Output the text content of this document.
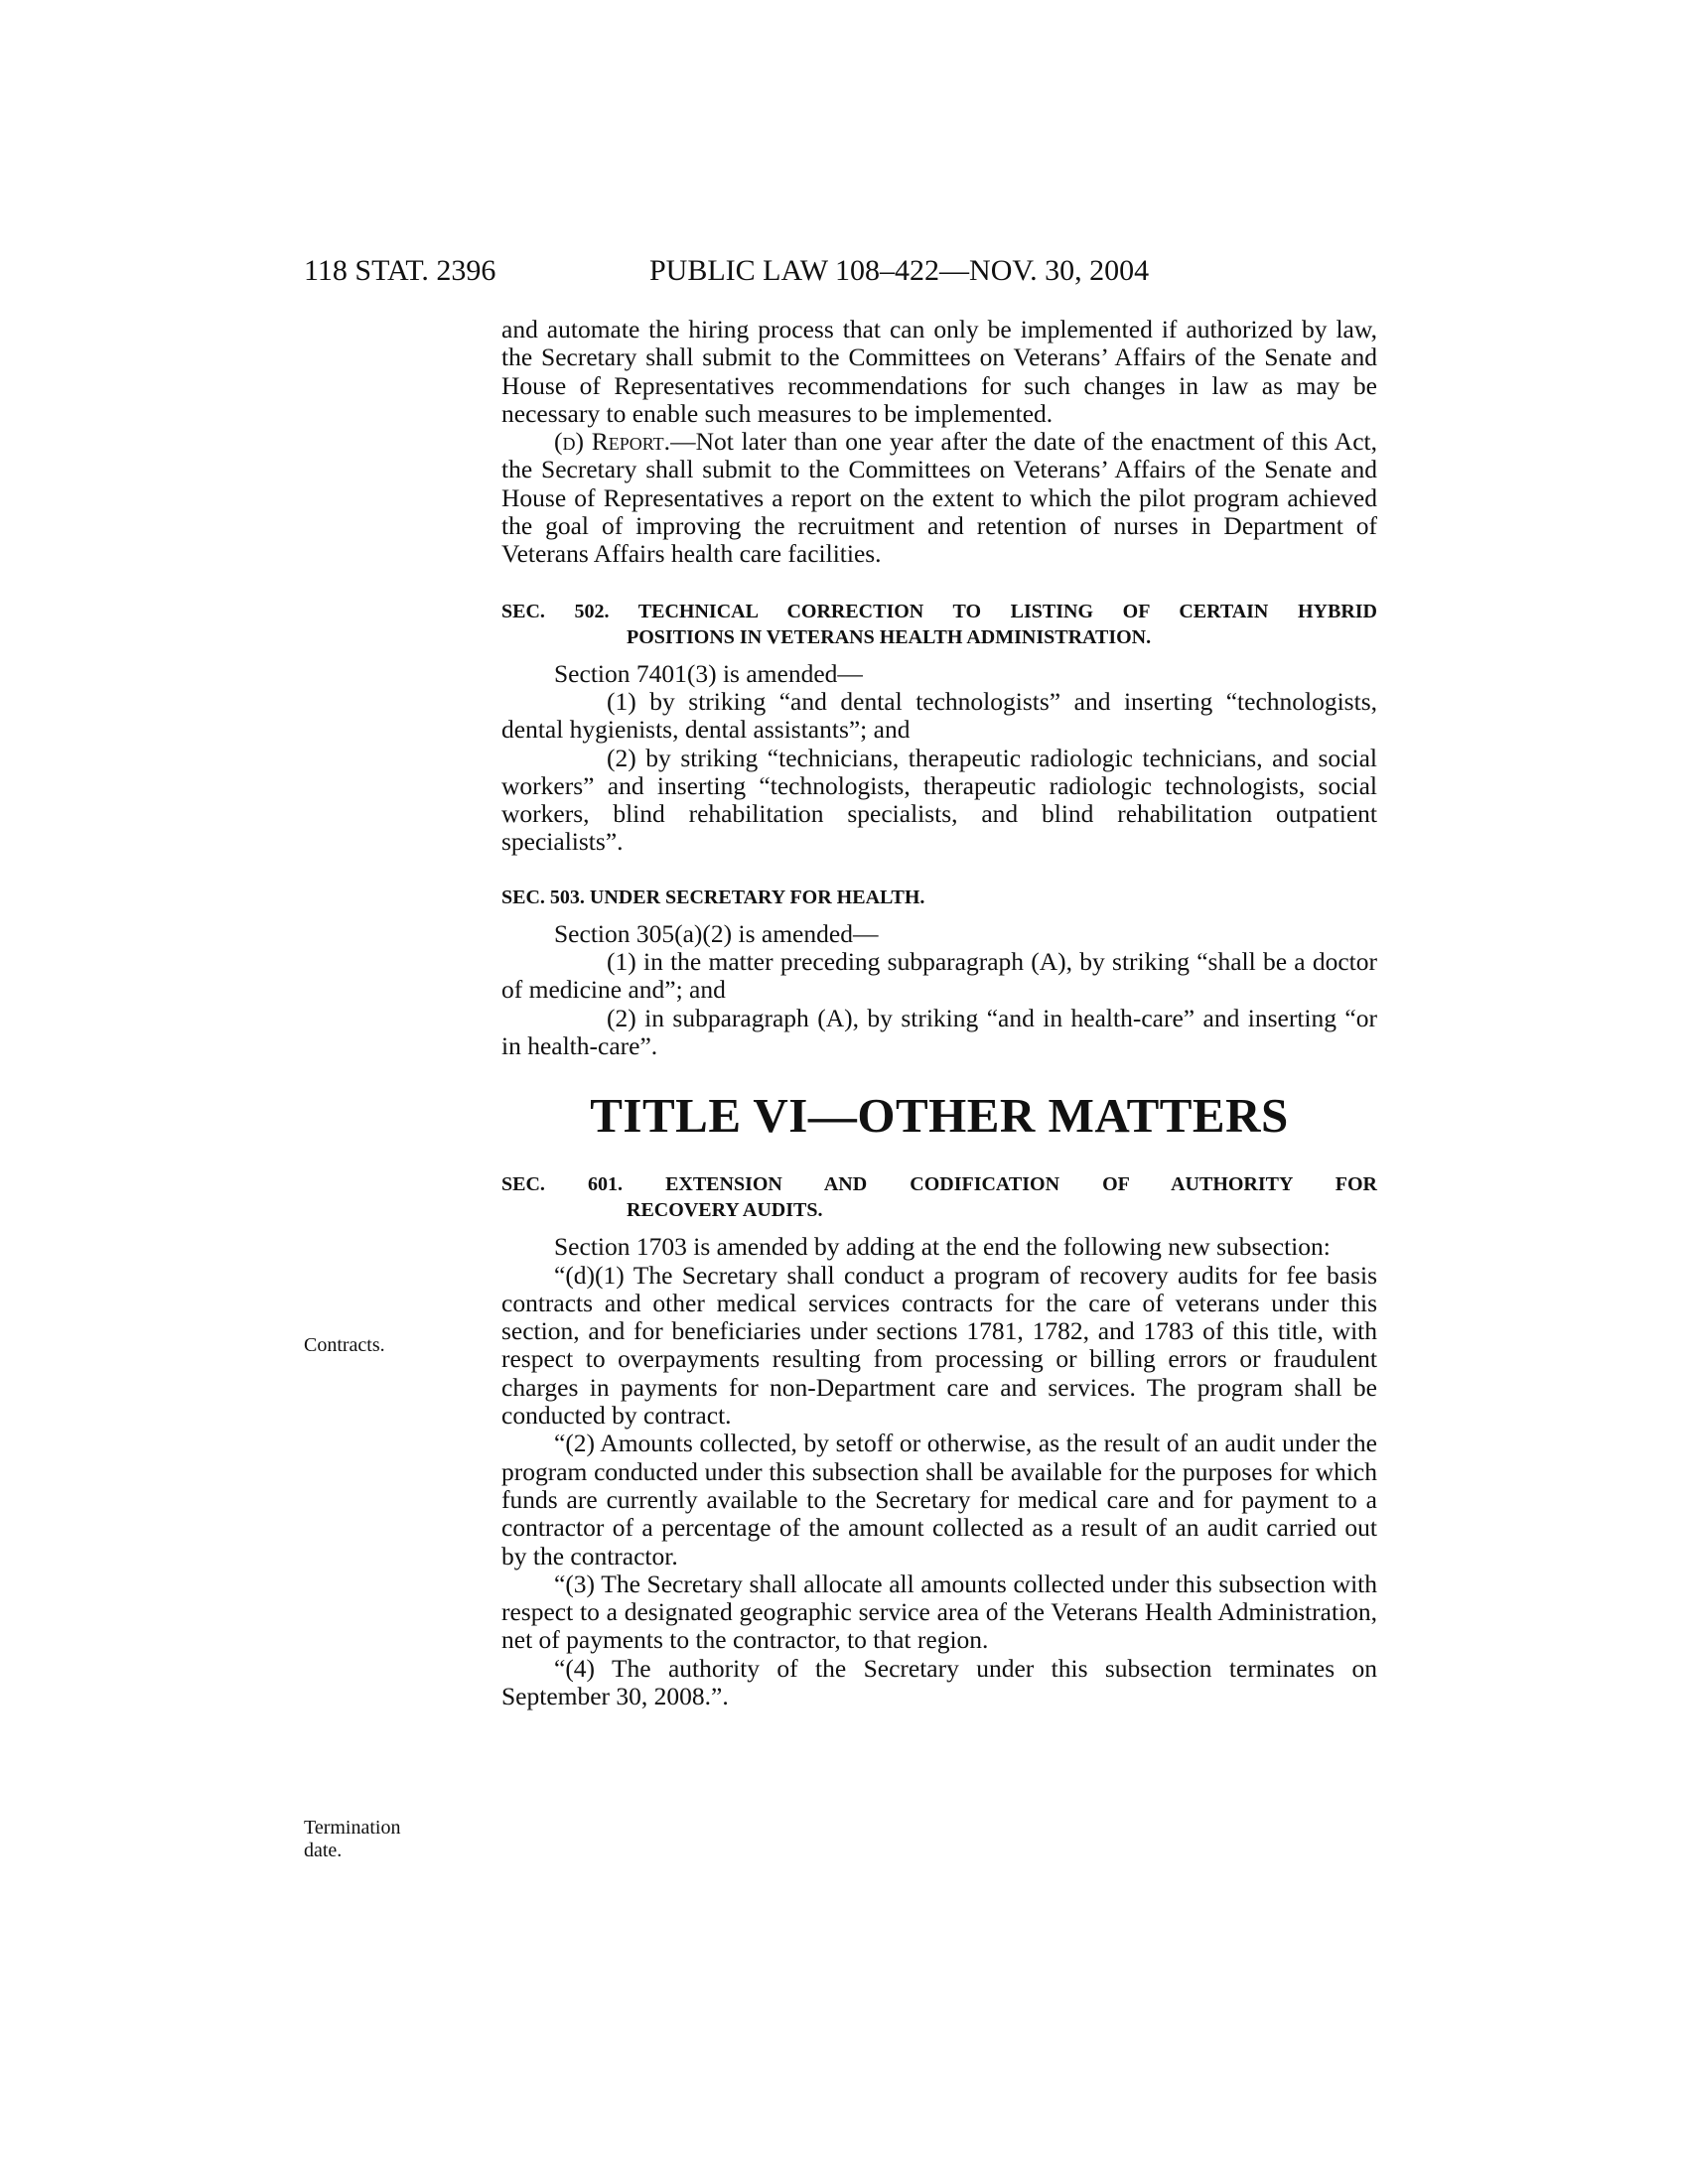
118 STAT. 2396	PUBLIC LAW 108–422—NOV. 30, 2004
Contracts.
Termination date.

and automate the hiring process that can only be implemented if authorized by law, the Secretary shall submit to the Committees on Veterans’ Affairs of the Senate and House of Representatives recommendations for such changes in law as may be necessary to enable such measures to be implemented.

(d) Report.—Not later than one year after the date of the enactment of this Act, the Secretary shall submit to the Committees on Veterans’ Affairs of the Senate and House of Representatives a report on the extent to which the pilot program achieved the goal of improving the recruitment and retention of nurses in Department of Veterans Affairs health care facilities.

SEC. 502. TECHNICAL CORRECTION TO LISTING OF CERTAIN HYBRID
POSITIONS IN VETERANS HEALTH ADMINISTRATION.

Section 7401(3) is amended—

(1) by striking “and dental technologists” and inserting “technologists, dental hygienists, dental assistants”; and

(2) by striking “technicians, therapeutic radiologic technicians, and social workers” and inserting “technologists, therapeutic radiologic technologists, social workers, blind rehabilitation specialists, and blind rehabilitation outpatient specialists”.

SEC. 503. UNDER SECRETARY FOR HEALTH.

Section 305(a)(2) is amended—

(1) in the matter preceding subparagraph (A), by striking “shall be a doctor of medicine and”; and

(2) in subparagraph (A), by striking “and in health-care” and inserting “or in health-care”.

TITLE VI—OTHER MATTERS
SEC. 601. EXTENSION AND CODIFICATION OF AUTHORITY FOR
RECOVERY AUDITS.

Section 1703 is amended by adding at the end the following new subsection:

“(d)(1) The Secretary shall conduct a program of recovery audits for fee basis contracts and other medical services contracts for the care of veterans under this section, and for beneficiaries under sections 1781, 1782, and 1783 of this title, with respect to overpayments resulting from processing or billing errors or fraudulent charges in payments for non-Department care and services. The program shall be conducted by contract.

“(2) Amounts collected, by setoff or otherwise, as the result of an audit under the program conducted under this subsection shall be available for the purposes for which funds are currently available to the Secretary for medical care and for payment to a contractor of a percentage of the amount collected as a result of an audit carried out by the contractor.

“(3) The Secretary shall allocate all amounts collected under this subsection with respect to a designated geographic service area of the Veterans Health Administration, net of payments to the contractor, to that region.

“(4) The authority of the Secretary under this subsection terminates on September 30, 2008.”.
